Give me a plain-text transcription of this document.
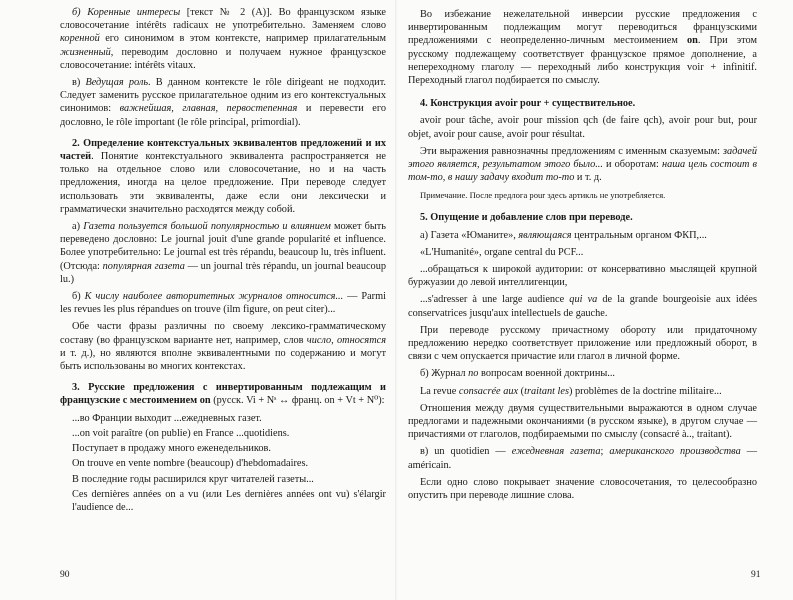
б) Коренные интересы [текст № 2 (А)]. Во французском языке словосочетание intérêts radicaux не употребительно. Заменяем слово коренной его синонимом в этом контексте, например прилагательным жизненный, переводим дословно и получаем нужное французское словосочетание: intérêts vitaux.

в) Ведущая роль. В данном контексте le rôle dirigeant не подходит. Следует заменить русское прилагательное одним из его контекстуальных синонимов: важнейшая, главная, первостепенная и перевести его дословно, le rôle important (le rôle principal, primordial).

2. Определение контекстуальных эквивалентов предложений и их частей. Понятие контекстуального эквивалента распространяется не только на отдельное слово или словосочетание, но и на часть предложения, иногда на целое предложение. При переводе следует использовать эти эквиваленты, даже если они лексически и грамматически значительно расходятся между собой.

а) Газета пользуется большой популярностью и влиянием может быть переведено дословно: Le journal jouit d'une grande popularité et influence. Более употребительно: Le journal est très répandu, beaucoup lu, très influent. (Отсюда: популярная газета — un journal très répandu, un journal beaucoup lu.)

б) К числу наиболее авторитетных журналов относится... — Parmi les revues les plus répandues on trouve (ilm figure, on peut citer)...

Обе части фразы различны по своему лексико-грамматическому составу (во французском варианте нет, например, слов число, относятся и т. д.), но являются вполне эквивалентными по содержанию и могут быть использованы во многих контекстах.

3. Русские предложения с инвертированным подлежащим и французские с местоимением on (русск. Vi + Nˢ ↔ франц. on + Vt + N⁰):

...во Франции выходит ...ежедневных газет.

...on voit paraître (on publie) en France ...quotidiens.

Поступает в продажу много еженедельников.

On trouve en vente nombre (beaucoup) d'hebdomadaires.

В последние годы расширился круг читателей газеты...

Ces dernières années on a vu (или Les dernières années ont vu) s'élargir l'audience de...

Во избежание нежелательной инверсии русские предложения с инвертированным подлежащим могут переводиться французскими предложениями с неопределенно-личным местоимением on. При этом русскому подлежащему соответствует французское прямое дополнение, а непереходному глаголу — переходный либо конструкция voir + infinitif. Переходный глагол подбирается по смыслу.

4. Конструкция avoir pour + существительное.

avoir pour tâche, avoir pour mission qch (de faire qch), avoir pour but, pour objet, avoir pour cause, avoir pour résultat.

Эти выражения равнозначны предложениям с именным сказуемым: задачей этого является, результатом этого было... и оборотам: наша цель состоит в том-то, в нашу задачу входит то-то и т. д.

Примечание. После предлога pour здесь артикль не употребляется.

5. Опущение и добавление слов при переводе.

а) Газета «Юманите», являющаяся центральным органом ФКП,...

«L'Humanité», organe central du PCF...

...обращаться к широкой аудитории: от консервативно мыслящей крупной буржуазии до левой интеллигенции,

...s'adresser à une large audience qui va de la grande bourgeoisie aux idées conservatrices jusqu'aux intellectuels de gauche.

При переводе русскому причастному обороту или придаточному предложению нередко соответствует приложение или предложный оборот, в связи с чем опускается причастие или глагол в личной форме.

б) Журнал по вопросам военной доктрины...

La revue consacrée aux (traitant les) problèmes de la doctrine militaire...

Отношения между двумя существительными выражаются в одном случае предлогами и падежными окончаниями (в русском языке), в другом случае — причастиями от глаголов, подбираемыми по смыслу (consacré à.., traitant).

в) un quotidien — ежедневная газета; американского производства — américain.

Если одно слово покрывает значение словосочетания, то целесообразно опустить при переводе лишние слова.

90	91
